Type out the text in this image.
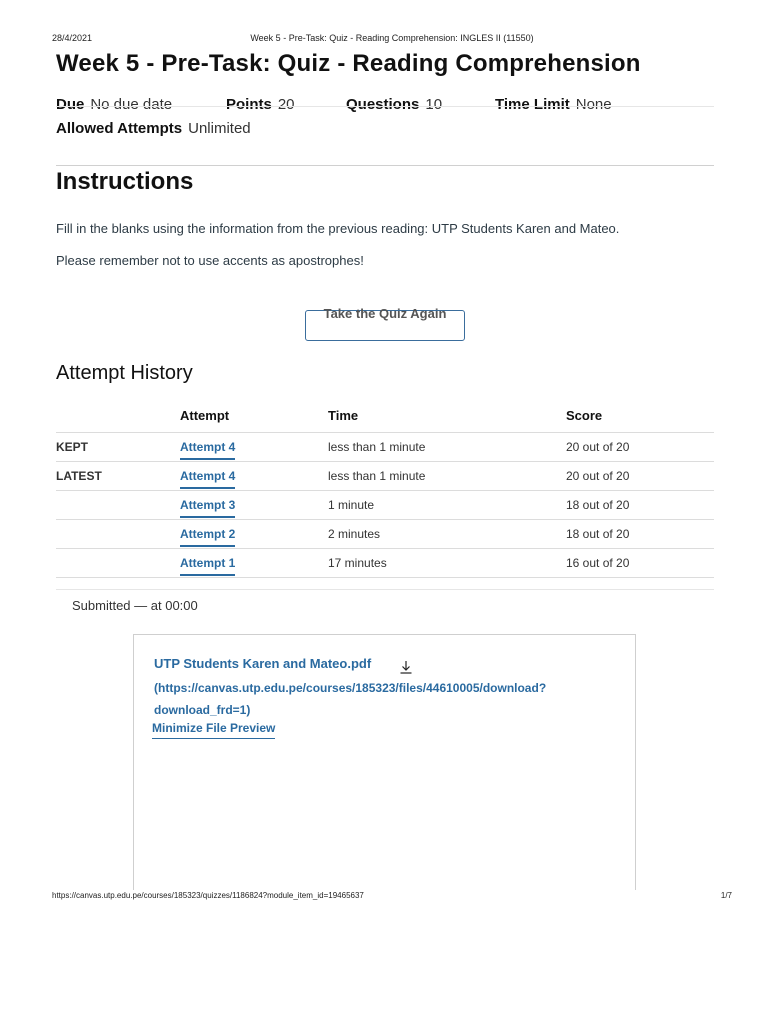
28/4/2021	Week 5 - Pre-Task: Quiz - Reading Comprehension: INGLES II (11550)
Week 5 - Pre-Task: Quiz - Reading Comprehension
Due No due date	Points 20	Questions 10	Time Limit None
Allowed Attempts Unlimited
Instructions

Fill in the blanks using the information from the previous reading: UTP Students Karen and Mateo.

Please remember not to use accents as apostrophes!

Take the Quiz Again
Attempt History
	Attempt	Time	Score
KEPT	Attempt 4	less than 1 minute	20 out of 20
LATEST	Attempt 4	less than 1 minute	20 out of 20
	Attempt 3	1 minute	18 out of 20
	Attempt 2	2 minutes	18 out of 20
	Attempt 1	17 minutes	16 out of 20

Submitted — at 00:00

UTP Students Karen and Mateo.pdf
(https://canvas.utp.edu.pe/courses/185323/files/44610005/download?
download_frd=1)
Minimize File Preview
https://canvas.utp.edu.pe/courses/185323/quizzes/1186824?module_item_id=19465637	1/7
